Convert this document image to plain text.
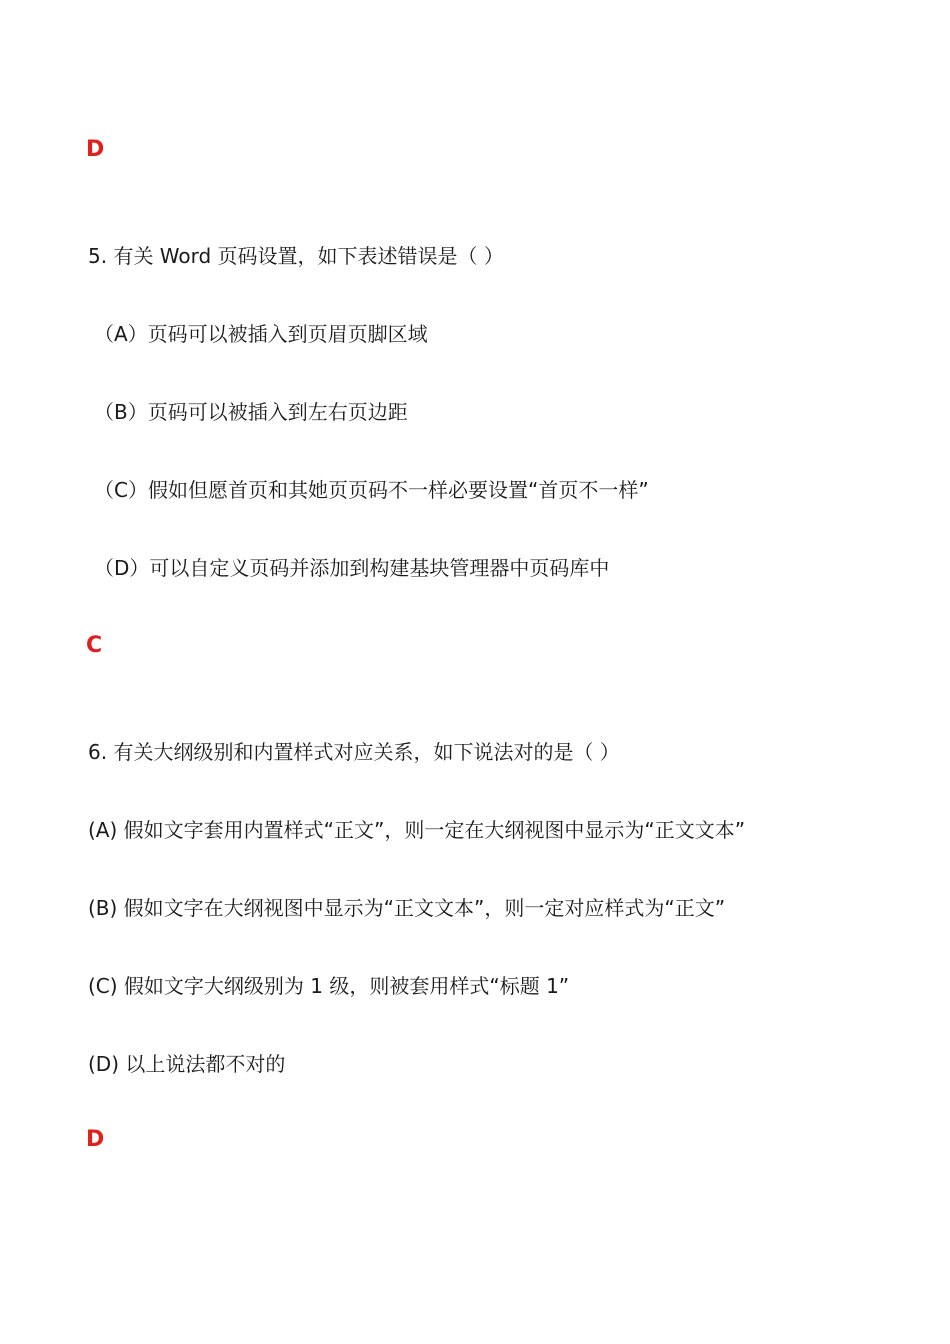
D
5. 有关 Word 页码设置，如下表述错误是（ ）
（A）页码可以被插入到页眉页脚区域
（B）页码可以被插入到左右页边距
（C）假如但愿首页和其她页页码不一样必要设置“首页不一样”
（D）可以自定义页码并添加到构建基块管理器中页码库中
C
6. 有关大纲级别和内置样式对应关系，如下说法对的是（ ）
(A) 假如文字套用内置样式“正文”，则一定在大纲视图中显示为“正文文本”
(B) 假如文字在大纲视图中显示为“正文文本”，则一定对应样式为“正文”
(C) 假如文字大纲级别为 1 级，则被套用样式“标题 1”
(D) 以上说法都不对的
D
